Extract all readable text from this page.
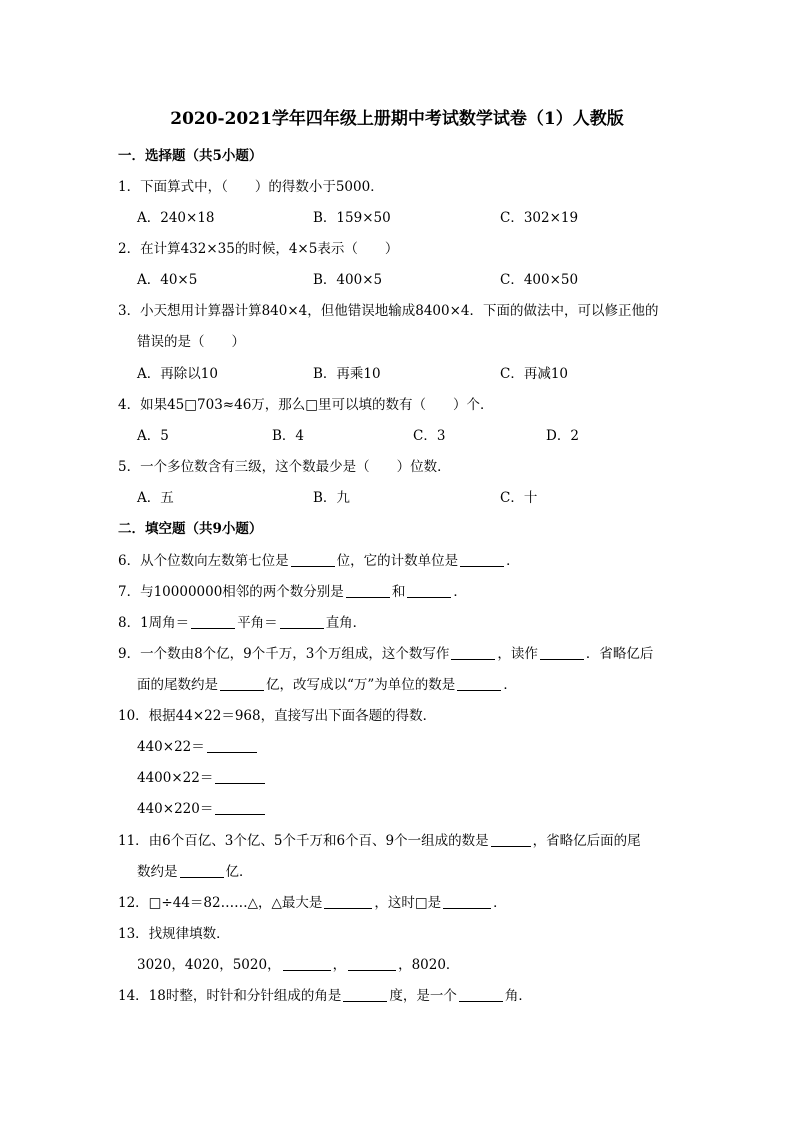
2020-2021学年四年级上册期中考试数学试卷（1）人教版
一．选择题（共5小题）
1．下面算式中，（　　）的得数小于5000．
A．240×18	B．159×50	C．302×19
2．在计算432×35的时候，4×5表示（　　）
A．40×5	B．400×5	C．400×50
3．小天想用计算器计算840×4，但他错误地输成8400×4．下面的做法中，可以修正他的
错误的是（　　）
A．再除以10	B．再乘10	C．再减10
4．如果45□703≈46万，那么□里可以填的数有（　　）个．
A．5	B．4	C．3	D．2
5．一个多位数含有三级，这个数最少是（　　）位数．
A．五	B．九	C．十
二．填空题（共9小题）
6．从个位数向左数第七位是	位，它的计数单位是	．
7．与10000000相邻的两个数分别是	和	．
8．1周角＝	平角＝	直角．
9．一个数由8个亿，9个千万，3个万组成，这个数写作	，读作	．省略亿后
面的尾数约是	亿，改写成以“万”为单位的数是	．
10．根据44×22＝968，直接写出下面各题的得数．
440×22＝
4400×22＝
440×220＝
11．由6个百亿、3个亿、5个千万和6个百、9个一组成的数是	，省略亿后面的尾
数约是	亿．
12．□÷44＝82……△，△最大是	，这时□是	．
13．找规律填数．
3020，4020，5020，	，	，8020．
14．18时整，时针和分针组成的角是	度，是一个	角．
